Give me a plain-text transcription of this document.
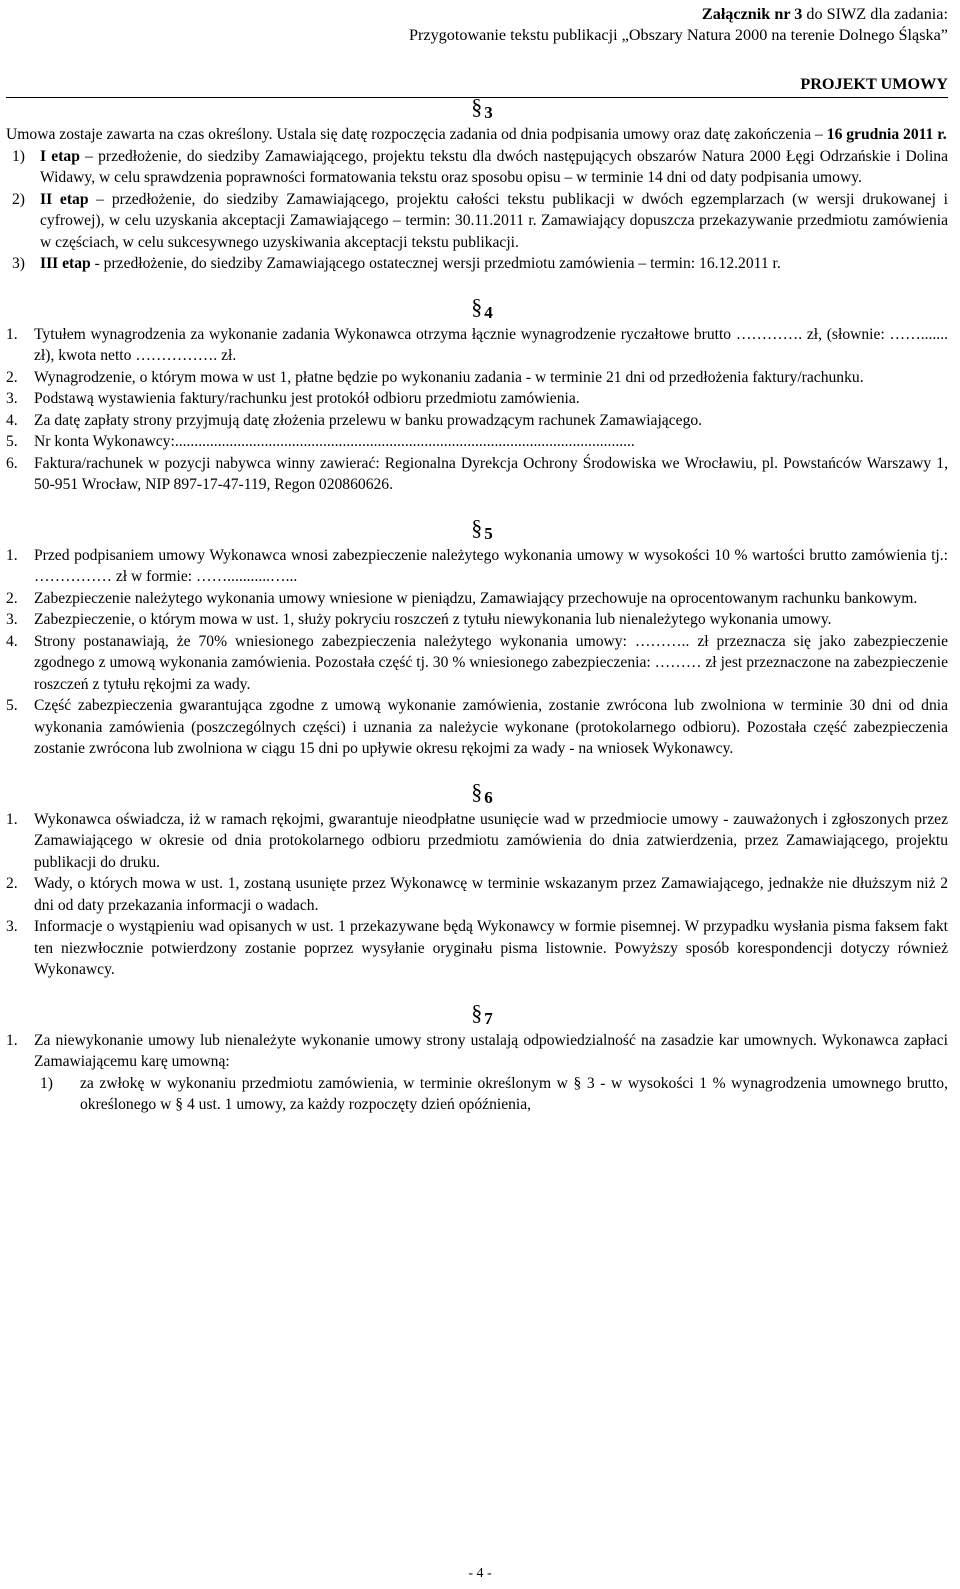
Załącznik nr 3 do SIWZ dla zadania:
Przygotowanie tekstu publikacji „Obszary Natura 2000 na terenie Dolnego Śląska”
PROJEKT UMOWY
§ 3

Umowa zostaje zawarta na czas określony. Ustala się datę rozpoczęcia zadania od dnia podpisania umowy oraz datę zakończenia – 16 grudnia 2011 r.

1) I etap – przedłożenie, do siedziby Zamawiającego, projektu tekstu dla dwóch następujących obszarów Natura 2000 Łęgi Odrzańskie i Dolina Widawy, w celu sprawdzenia poprawności formatowania tekstu oraz sposobu opisu – w terminie 14 dni od daty podpisania umowy.
2) II etap – przedłożenie, do siedziby Zamawiającego, projektu całości tekstu publikacji w dwóch egzemplarzach (w wersji drukowanej i cyfrowej), w celu uzyskania akceptacji Zamawiającego – termin: 30.11.2011 r. Zamawiający dopuszcza przekazywanie przedmiotu zamówienia w częściach, w celu sukcesywnego uzyskiwania akceptacji tekstu publikacji.
3) III etap - przedłożenie, do siedziby Zamawiającego ostatecznej wersji przedmiotu zamówienia – termin: 16.12.2011 r.
§ 4
1.	Tytułem wynagrodzenia za wykonanie zadania Wykonawca otrzyma łącznie wynagrodzenie ryczałtowe brutto …………. zł, (słownie: ……....... zł), kwota netto ……………. zł.
2.	Wynagrodzenie, o którym mowa w ust 1, płatne będzie po wykonaniu zadania - w terminie 21 dni od przedłożenia faktury/rachunku.
3.	Podstawą wystawienia faktury/rachunku jest protokół odbioru przedmiotu zamówienia.
4.	Za datę zapłaty strony przyjmują datę złożenia przelewu w banku prowadzącym rachunek Zamawiającego.
5.	Nr konta Wykonawcy:......................................................................................................................
6.	Faktura/rachunek w pozycji nabywca winny zawierać: Regionalna Dyrekcja Ochrony Środowiska we Wrocławiu, pl. Powstańców Warszawy 1, 50-951 Wrocław, NIP 897-17-47-119, Regon 020860626.
§ 5
1.	Przed podpisaniem umowy Wykonawca wnosi zabezpieczenie należytego wykonania umowy w wysokości 10 % wartości brutto zamówienia tj.: …………… zł w formie: ……...........…...
2.	Zabezpieczenie należytego wykonania umowy wniesione w pieniądzu, Zamawiający przechowuje na oprocentowanym rachunku bankowym.
3.	Zabezpieczenie, o którym mowa w ust. 1, służy pokryciu roszczeń z tytułu niewykonania lub nienależytego wykonania umowy.
4.	Strony postanawiają, że 70% wniesionego zabezpieczenia należytego wykonania umowy: ……….. zł przeznacza się jako zabezpieczenie zgodnego z umową wykonania zamówienia. Pozostała część tj. 30 % wniesionego zabezpieczenia: ……… zł jest przeznaczone na zabezpieczenie roszczeń z tytułu rękojmi za wady.
5.	Część zabezpieczenia gwarantująca zgodne z umową wykonanie zamówienia, zostanie zwrócona lub zwolniona w terminie 30 dni od dnia wykonania zamówienia (poszczególnych części) i uznania za należycie wykonane (protokolarnego odbioru). Pozostała część zabezpieczenia zostanie zwrócona lub zwolniona w ciągu 15 dni po upływie okresu rękojmi za wady - na wniosek Wykonawcy.
§ 6
1.	Wykonawca oświadcza, iż w ramach rękojmi, gwarantuje nieodpłatne usunięcie wad w przedmiocie umowy - zauważonych i zgłoszonych przez Zamawiającego w okresie od dnia protokolarnego odbioru przedmiotu zamówienia do dnia zatwierdzenia, przez Zamawiającego, projektu publikacji do druku.
2.	Wady, o których mowa w ust. 1, zostaną usunięte przez Wykonawcę w terminie wskazanym przez Zamawiającego, jednakże nie dłuższym niż 2 dni od daty przekazania informacji o wadach.
3.	Informacje o wystąpieniu wad opisanych w ust. 1 przekazywane będą Wykonawcy w formie pisemnej. W przypadku wysłania pisma faksem fakt ten niezwłocznie potwierdzony zostanie poprzez wysyłanie oryginału pisma listownie. Powyższy sposób korespondencji dotyczy również Wykonawcy.
§ 7
1.	Za niewykonanie umowy lub nienależyte wykonanie umowy strony ustalają odpowiedzialność na zasadzie kar umownych. Wykonawca zapłaci Zamawiającemu karę umowną:
1)	za zwłokę w wykonaniu przedmiotu zamówienia, w terminie określonym w § 3 - w wysokości 1 % wynagrodzenia umownego brutto, określonego w § 4 ust. 1 umowy, za każdy rozpoczęty dzień opóźnienia,
- 4 -
